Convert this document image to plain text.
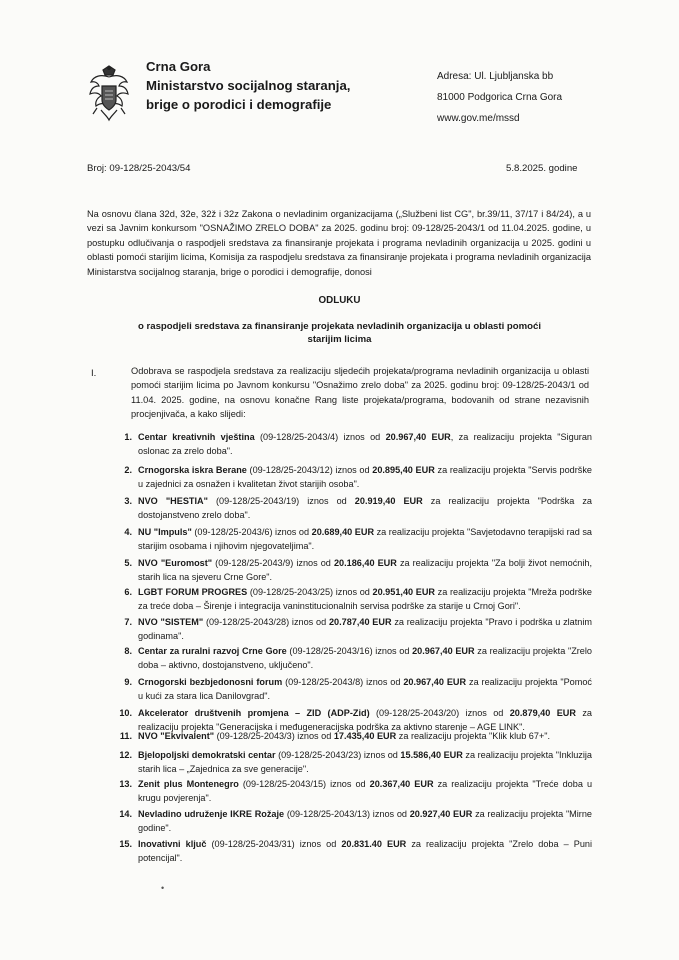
Crna Gora
Ministarstvo socijalnog staranja,
brige o porodici i demografije
Adresa: Ul. Ljubljanska bb
81000 Podgorica Crna Gora
www.gov.me/mssd
Broj: 09-128/25-2043/54	5.8.2025. godine
Na osnovu člana 32d, 32e, 32ž i 32z Zakona o nevladinim organizacijama („Službeni list CG", br.39/11, 37/17 i 84/24), a u vezi sa Javnim konkursom "OSNAŽIMO ZRELO DOBA" za 2025. godinu broj: 09-128/25-2043/1 od 11.04.2025. godine, u postupku odlučivanja o raspodjeli sredstava za finansiranje projekata i programa nevladinih organizacija u 2025. godini u oblasti pomoći starijim licima, Komisija za raspodjelu sredstava za finansiranje projekata i programa nevladinih organizacija Ministarstva socijalnog staranja, brige o porodici i demografije, donosi
ODLUKU
o raspodjeli sredstava za finansiranje projekata nevladinih organizacija u oblasti pomoći
starijim licima
I.	Odobrava se raspodjela sredstava za realizaciju sljedećih projekata/programa nevladinih organizacija u oblasti pomoći starijim licima po Javnom konkursu "Osnažimo zrelo doba" za 2025. godinu broj: 09-128/25-2043/1 od 11.04. 2025. godine, na osnovu konačne Rang liste projekata/programa, bodovanih od strane nezavisnih procjenjivača, a kako slijedi:
1. Centar kreativnih vještina (09-128/25-2043/4) iznos od 20.967,40 EUR, za realizaciju projekta "Siguran oslonac za zrelo doba".
2. Crnogorska iskra Berane (09-128/25-2043/12) iznos od 20.895,40 EUR za realizaciju projekta "Servis podrške u zajednici za osnažen i kvalitetan život starijih osoba".
3. NVO "HESTIA" (09-128/25-2043/19) iznos od 20.919,40 EUR za realizaciju projekta "Podrška za dostojanstveno zrelo doba".
4. NU "Impuls" (09-128/25-2043/6) iznos od 20.689,40 EUR za realizaciju projekta "Savjetodavno terapijski rad sa starijim osobama i njihovim njegovateljima".
5. NVO "Euromost" (09-128/25-2043/9) iznos od 20.186,40 EUR za realizaciju projekta "Za bolji život nemoćnih, starih lica na sjeveru Crne Gore".
6. LGBT FORUM PROGRES (09-128/25-2043/25) iznos od 20.951,40 EUR za realizaciju projekta "Mreža podrške za treće doba – Širenje i integracija vaninstitucionalnih servisa podrške za starije u Crnoj Gori".
7. NVO "SISTEM" (09-128/25-2043/28) iznos od 20.787,40 EUR za realizaciju projekta "Pravo i podrška u zlatnim godinama".
8. Centar za ruralni razvoj Crne Gore (09-128/25-2043/16) iznos od 20.967,40 EUR za realizaciju projekta "Zrelo doba – aktivno, dostojanstveno, uključeno".
9. Crnogorski bezbjedonosni forum (09-128/25-2043/8) iznos od 20.967,40 EUR za realizaciju projekta "Pomoć u kući za stara lica Danilovgrad".
10. Akcelerator društvenih promjena – ZID (ADP-Zid) (09-128/25-2043/20) iznos od 20.879,40 EUR za realizaciju projekta "Generacijska i međugeneracijska podrška za aktivno starenje – AGE LINK".
11. NVO "Ekvivalent" (09-128/25-2043/3) iznos od 17.435,40 EUR za realizaciju projekta "Klik klub 67+".
12. Bjelopoljski demokratski centar (09-128/25-2043/23) iznos od 15.586,40 EUR za realizaciju projekta "Inkluzija starih lica – „Zajednica za sve generacije".
13. Zenit plus Montenegro (09-128/25-2043/15) iznos od 20.367,40 EUR za realizaciju projekta "Treće doba u krugu povjerenja".
14. Nevladino udruženje IKRE Rožaje (09-128/25-2043/13) iznos od 20.927,40 EUR za realizaciju projekta "Mirne godine".
15. Inovativni ključ (09-128/25-2043/31) iznos od 20.831.40 EUR za realizaciju projekta "Zrelo doba – Puni potencijal".
•
